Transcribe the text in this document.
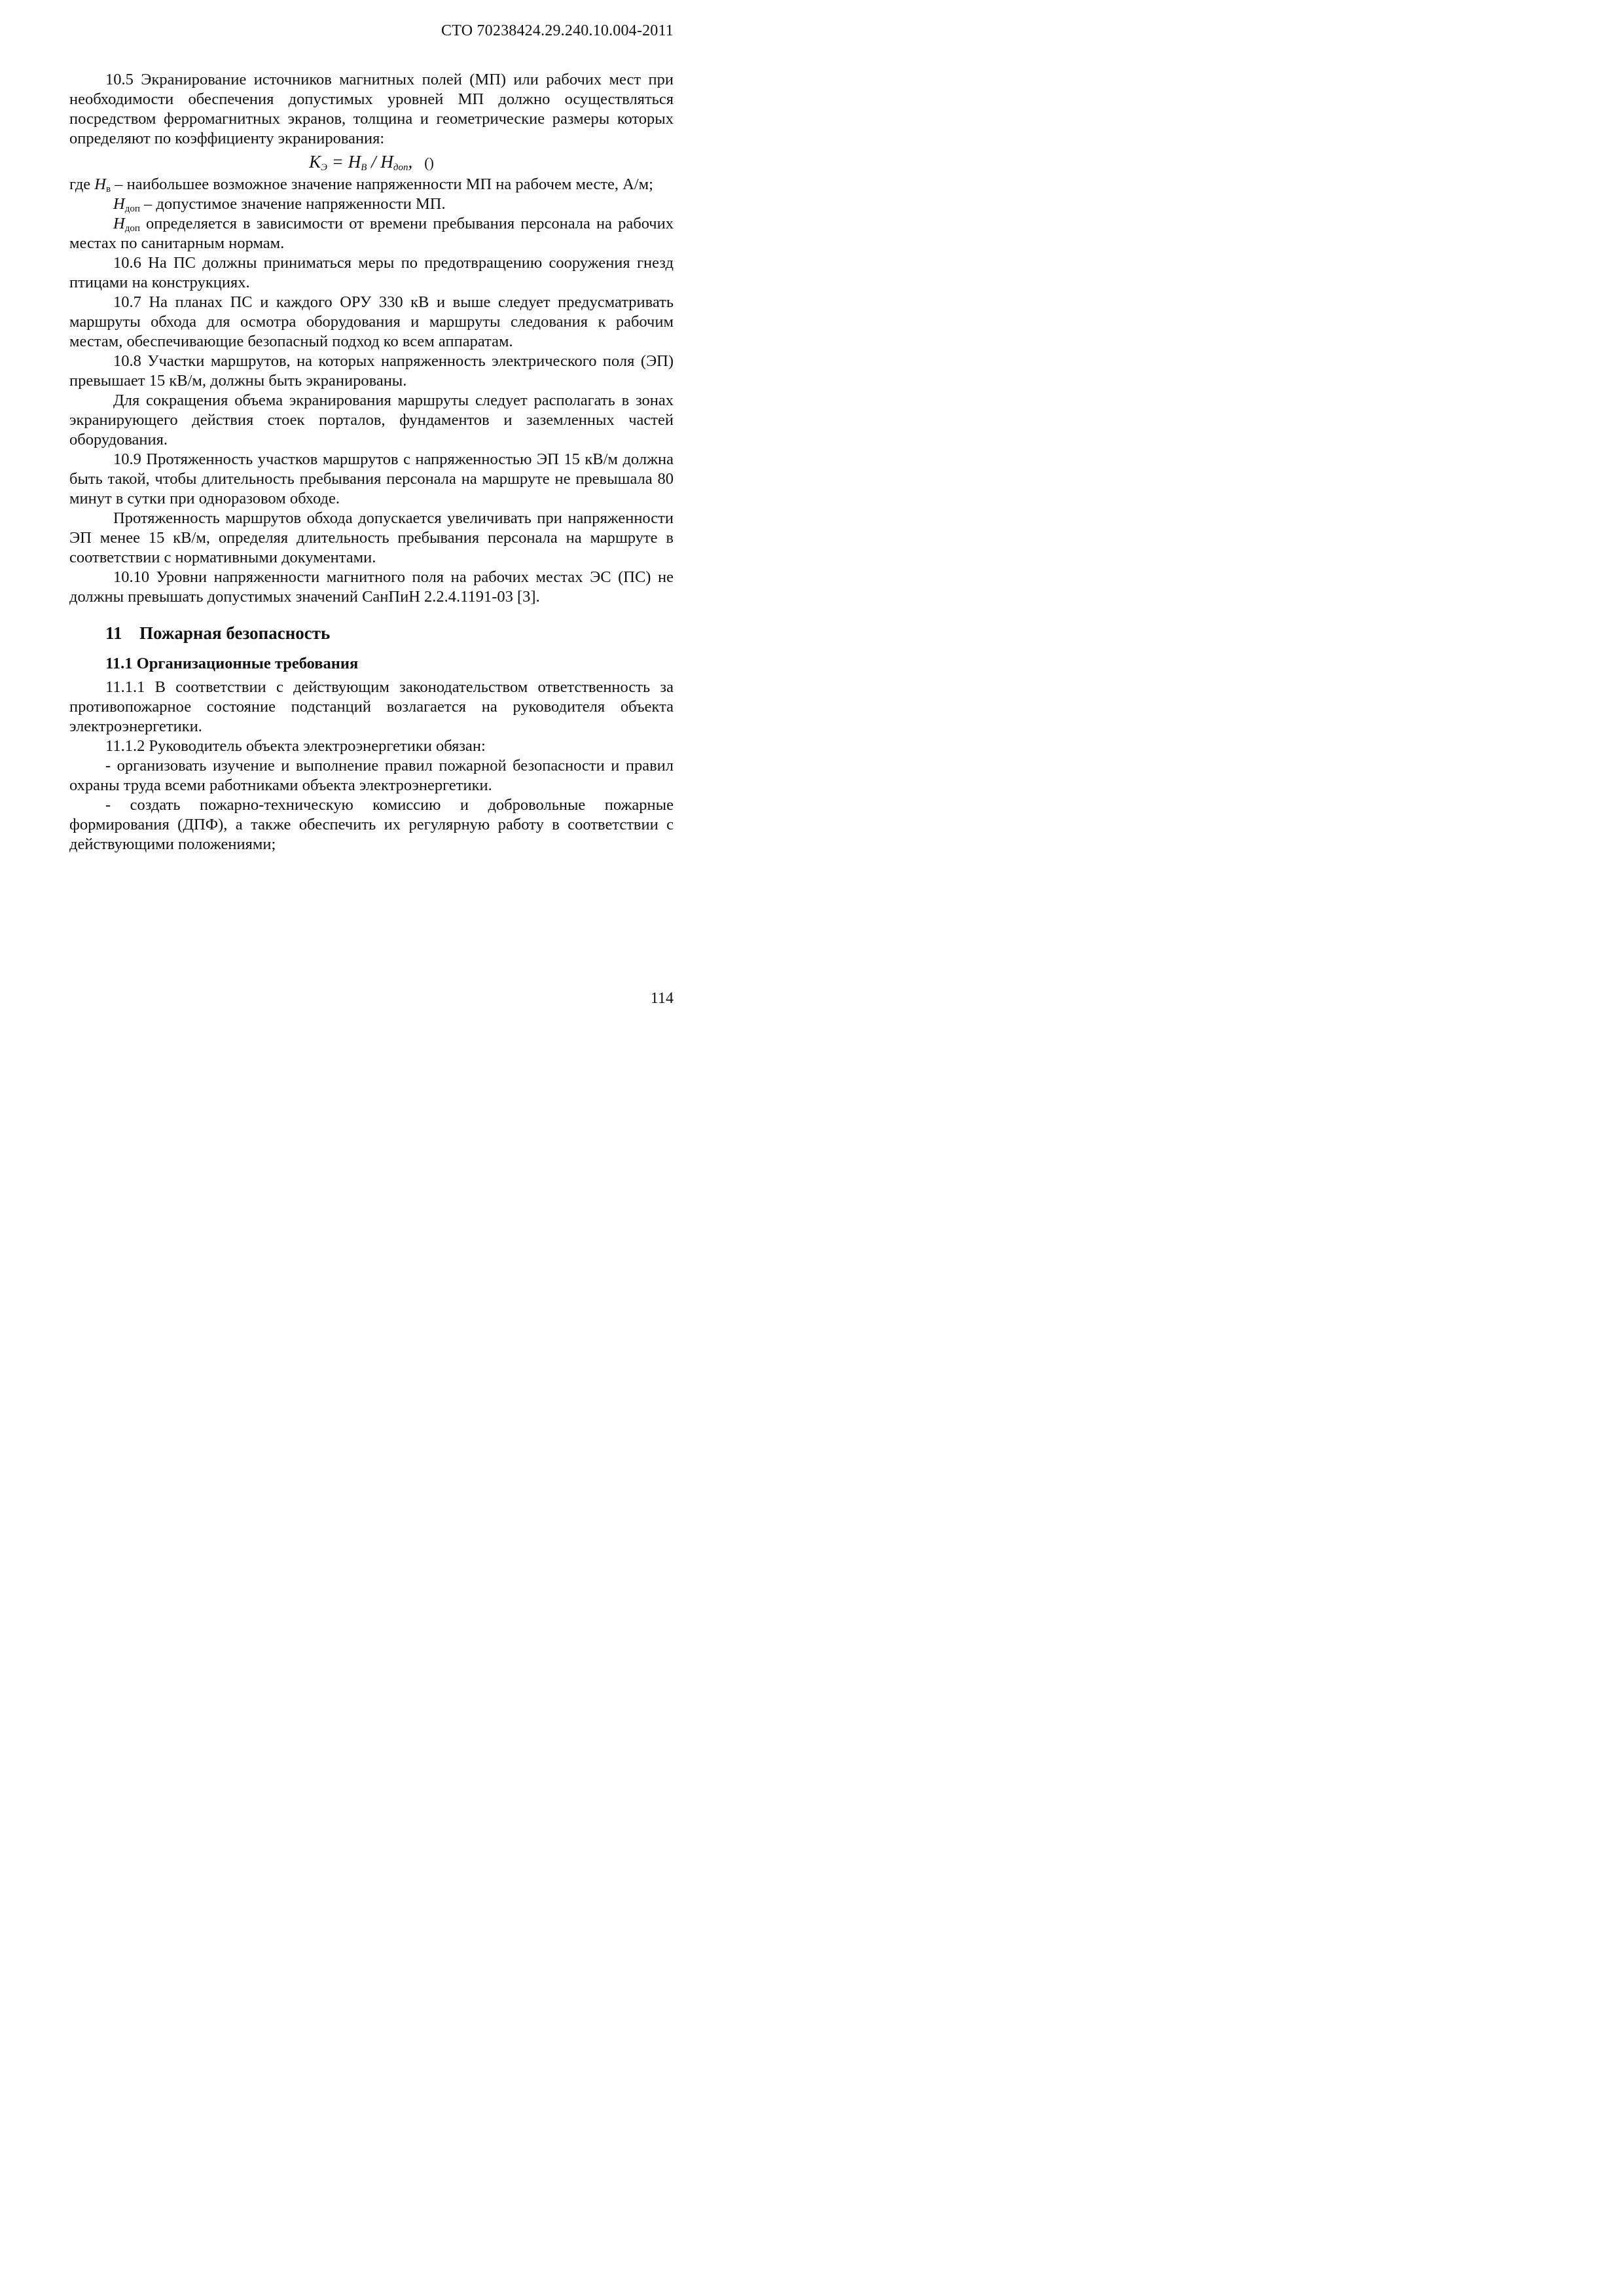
СТО 70238424.29.240.10.004-2011

10.5 Экранирование источников магнитных полей (МП) или рабочих мест при необходимости обеспечения допустимых уровней МП должно осуществляться посредством ферромагнитных экранов, толщина и геометрические размеры которых определяют по коэффициенту экранирования:

$K_Э = H_B / H_{доп}$, ()

где $H_в$ – наибольшее возможное значение напряженности МП на рабочем месте, А/м;

$H_{доп}$ – допустимое значение напряженности МП.

$H_{доп}$ определяется в зависимости от времени пребывания персонала на рабочих местах по санитарным нормам.

10.6 На ПС должны приниматься меры по предотвращению сооружения гнезд птицами на конструкциях.

10.7 На планах ПС и каждого ОРУ 330 кВ и выше следует предусматривать маршруты обхода для осмотра оборудования и маршруты следования к рабочим местам, обеспечивающие безопасный подход ко всем аппаратам.

10.8 Участки маршрутов, на которых напряженность электрического поля (ЭП) превышает 15 кВ/м, должны быть экранированы.

Для сокращения объема экранирования маршруты следует располагать в зонах экранирующего действия стоек порталов, фундаментов и заземленных частей оборудования.

10.9 Протяженность участков маршрутов с напряженностью ЭП 15 кВ/м должна быть такой, чтобы длительность пребывания персонала на маршруте не превышала 80 минут в сутки при одноразовом обходе.

Протяженность маршрутов обхода допускается увеличивать при напряженности ЭП менее 15 кВ/м, определяя длительность пребывания персонала на маршруте в соответствии с нормативными документами.

10.10 Уровни напряженности магнитного поля на рабочих местах ЭС (ПС) не должны превышать допустимых значений СанПиН 2.2.4.1191-03 [3].

11 Пожарная безопасность
11.1 Организационные требования

11.1.1 В соответствии с действующим законодательством ответственность за противопожарное состояние подстанций возлагается на руководителя объекта электроэнергетики.

11.1.2 Руководитель объекта электроэнергетики обязан:

- организовать изучение и выполнение правил пожарной безопасности и правил охраны труда всеми работниками объекта электроэнергетики.

- создать пожарно-техническую комиссию и добровольные пожарные формирования (ДПФ), а также обеспечить их регулярную работу в соответствии с действующими положениями;

114
